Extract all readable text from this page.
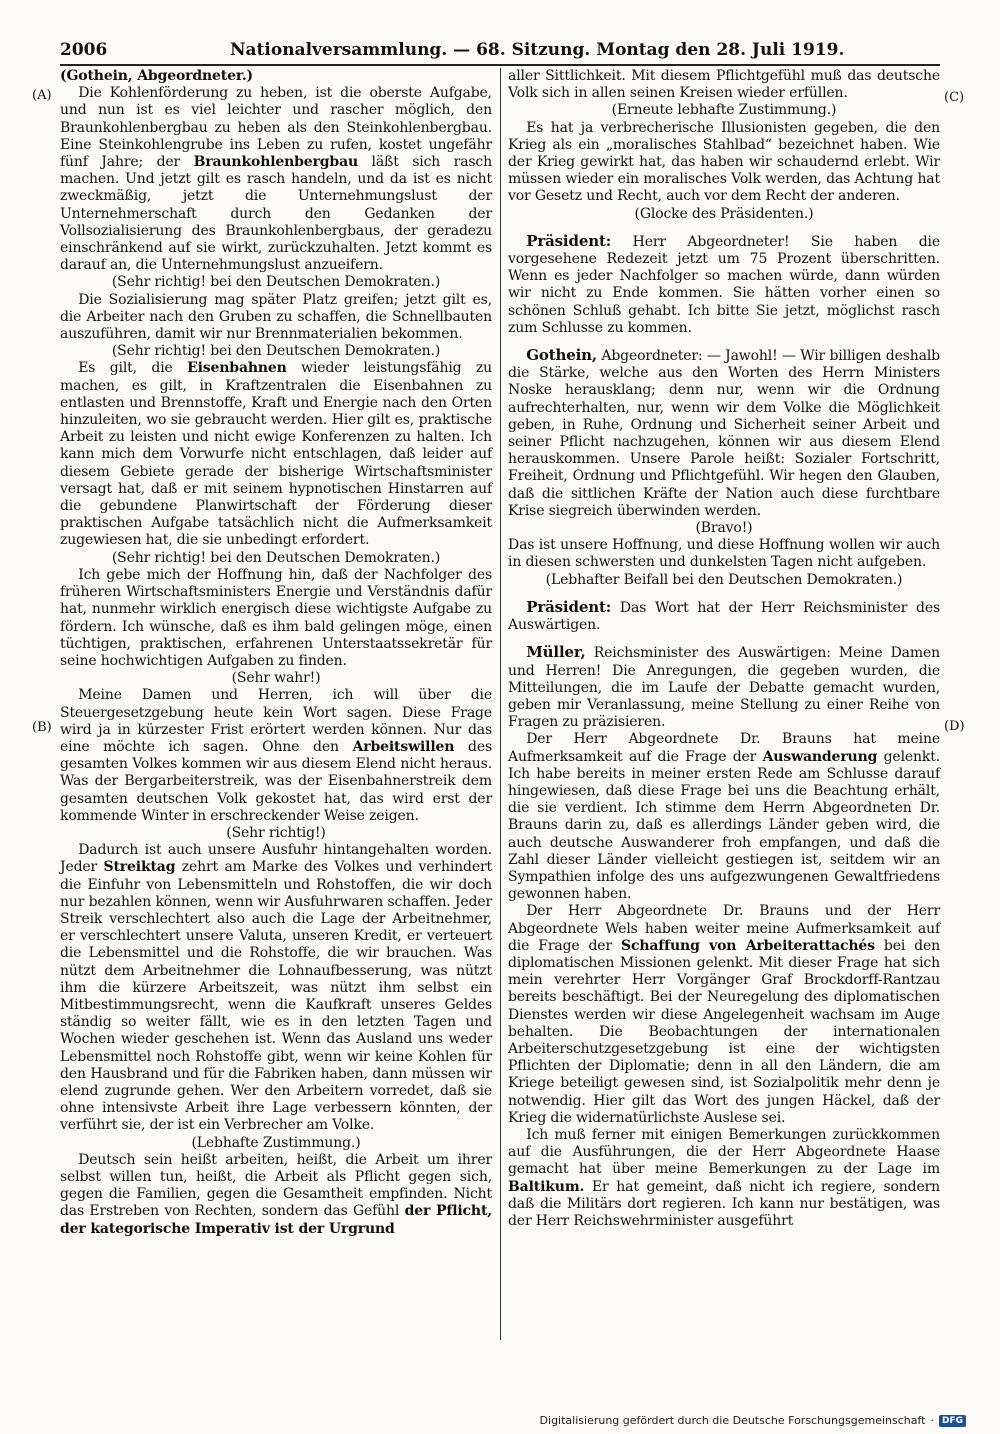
2006	Nationalversammlung. — 68. Sitzung. Montag den 28. Juli 1919.
(A)
(B)
(C)
(D)

(Gothein, Abgeordneter.)

Die Kohlenförderung zu heben, ist die oberste Aufgabe, und nun ist es viel leichter und rascher möglich, den Braunkohlenbergbau zu heben als den Steinkohlenbergbau. Eine Steinkohlengrube ins Leben zu rufen, kostet ungefähr fünf Jahre; der Braunkohlenbergbau läßt sich rasch machen. Und jetzt gilt es rasch handeln, und da ist es nicht zweckmäßig, jetzt die Unternehmungslust der Unternehmerschaft durch den Gedanken der Vollsozialisierung des Braunkohlenbergbaus, der geradezu einschränkend auf sie wirkt, zurückzuhalten. Jetzt kommt es darauf an, die Unternehmungslust anzueifern.

(Sehr richtig! bei den Deutschen Demokraten.)

Die Sozialisierung mag später Platz greifen; jetzt gilt es, die Arbeiter nach den Gruben zu schaffen, die Schnellbauten auszuführen, damit wir nur Brennmaterialien bekommen.

(Sehr richtig! bei den Deutschen Demokraten.)

Es gilt, die Eisenbahnen wieder leistungsfähig zu machen, es gilt, in Kraftzentralen die Eisenbahnen zu entlasten und Brennstoffe, Kraft und Energie nach den Orten hinzuleiten, wo sie gebraucht werden. Hier gilt es, praktische Arbeit zu leisten und nicht ewige Konferenzen zu halten. Ich kann mich dem Vorwurfe nicht entschlagen, daß leider auf diesem Gebiete gerade der bisherige Wirtschaftsminister versagt hat, daß er mit seinem hypnotischen Hinstarren auf die gebundene Planwirtschaft der Förderung dieser praktischen Aufgabe tatsächlich nicht die Aufmerksamkeit zugewiesen hat, die sie unbedingt erfordert.

(Sehr richtig! bei den Deutschen Demokraten.)

Ich gebe mich der Hoffnung hin, daß der Nachfolger des früheren Wirtschaftsministers Energie und Verständnis dafür hat, nunmehr wirklich energisch diese wichtigste Aufgabe zu fördern. Ich wünsche, daß es ihm bald gelingen möge, einen tüchtigen, praktischen, erfahrenen Unterstaatssekretär für seine hochwichtigen Aufgaben zu finden.

(Sehr wahr!)

Meine Damen und Herren, ich will über die Steuergesetzgebung heute kein Wort sagen. Diese Frage wird ja in kürzester Frist erörtert werden können. Nur das eine möchte ich sagen. Ohne den Arbeitswillen des gesamten Volkes kommen wir aus diesem Elend nicht heraus. Was der Bergarbeiterstreik, was der Eisenbahnerstreik dem gesamten deutschen Volk gekostet hat, das wird erst der kommende Winter in erschreckender Weise zeigen.

(Sehr richtig!)

Dadurch ist auch unsere Ausfuhr hintangehalten worden. Jeder Streiktag zehrt am Marke des Volkes und verhindert die Einfuhr von Lebensmitteln und Rohstoffen, die wir doch nur bezahlen können, wenn wir Ausfuhrwaren schaffen. Jeder Streik verschlechtert also auch die Lage der Arbeitnehmer, er verschlechtert unsere Valuta, unseren Kredit, er verteuert die Lebensmittel und die Rohstoffe, die wir brauchen. Was nützt dem Arbeitnehmer die Lohnaufbesserung, was nützt ihm die kürzere Arbeitszeit, was nützt ihm selbst ein Mitbestimmungsrecht, wenn die Kaufkraft unseres Geldes ständig so weiter fällt, wie es in den letzten Tagen und Wochen wieder geschehen ist. Wenn das Ausland uns weder Lebensmittel noch Rohstoffe gibt, wenn wir keine Kohlen für den Hausbrand und für die Fabriken haben, dann müssen wir elend zugrunde gehen. Wer den Arbeitern vorredet, daß sie ohne intensivste Arbeit ihre Lage verbessern könnten, der verführt sie, der ist ein Verbrecher am Volke.

(Lebhafte Zustimmung.)

Deutsch sein heißt arbeiten, heißt, die Arbeit um ihrer selbst willen tun, heißt, die Arbeit als Pflicht gegen sich, gegen die Familien, gegen die Gesamtheit empfinden. Nicht das Erstreben von Rechten, sondern das Gefühl der Pflicht, der kategorische Imperativ ist der Urgrund

aller Sittlichkeit. Mit diesem Pflichtgefühl muß das deutsche Volk sich in allen seinen Kreisen wieder erfüllen.

(Erneute lebhafte Zustimmung.)

Es hat ja verbrecherische Illusionisten gegeben, die den Krieg als ein „moralisches Stahlbad“ bezeichnet haben. Wie der Krieg gewirkt hat, das haben wir schaudernd erlebt. Wir müssen wieder ein moralisches Volk werden, das Achtung hat vor Gesetz und Recht, auch vor dem Recht der anderen.

(Glocke des Präsidenten.)

Präsident: Herr Abgeordneter! Sie haben die vorgesehene Redezeit jetzt um 75 Prozent überschritten. Wenn es jeder Nachfolger so machen würde, dann würden wir nicht zu Ende kommen. Sie hätten vorher einen so schönen Schluß gehabt. Ich bitte Sie jetzt, möglichst rasch zum Schlusse zu kommen.

Gothein, Abgeordneter: — Jawohl! — Wir billigen deshalb die Stärke, welche aus den Worten des Herrn Ministers Noske herausklang; denn nur, wenn wir die Ordnung aufrechterhalten, nur, wenn wir dem Volke die Möglichkeit geben, in Ruhe, Ordnung und Sicherheit seiner Arbeit und seiner Pflicht nachzugehen, können wir aus diesem Elend herauskommen. Unsere Parole heißt: Sozialer Fortschritt, Freiheit, Ordnung und Pflichtgefühl. Wir hegen den Glauben, daß die sittlichen Kräfte der Nation auch diese furchtbare Krise siegreich überwinden werden.

(Bravo!)

Das ist unsere Hoffnung, und diese Hoffnung wollen wir auch in diesen schwersten und dunkelsten Tagen nicht aufgeben.

(Lebhafter Beifall bei den Deutschen Demokraten.)

Präsident: Das Wort hat der Herr Reichsminister des Auswärtigen.

Müller, Reichsminister des Auswärtigen: Meine Damen und Herren! Die Anregungen, die gegeben wurden, die Mitteilungen, die im Laufe der Debatte gemacht wurden, geben mir Veranlassung, meine Stellung zu einer Reihe von Fragen zu präzisieren.

Der Herr Abgeordnete Dr. Brauns hat meine Aufmerksamkeit auf die Frage der Auswanderung gelenkt. Ich habe bereits in meiner ersten Rede am Schlusse darauf hingewiesen, daß diese Frage bei uns die Beachtung erhält, die sie verdient. Ich stimme dem Herrn Abgeordneten Dr. Brauns darin zu, daß es allerdings Länder geben wird, die auch deutsche Auswanderer froh empfangen, und daß die Zahl dieser Länder vielleicht gestiegen ist, seitdem wir an Sympathien infolge des uns aufgezwungenen Gewaltfriedens gewonnen haben.

Der Herr Abgeordnete Dr. Brauns und der Herr Abgeordnete Wels haben weiter meine Aufmerksamkeit auf die Frage der Schaffung von Arbeiterattachés bei den diplomatischen Missionen gelenkt. Mit dieser Frage hat sich mein verehrter Herr Vorgänger Graf Brockdorff-Rantzau bereits beschäftigt. Bei der Neuregelung des diplomatischen Dienstes werden wir diese Angelegenheit wachsam im Auge behalten. Die Beobachtungen der internationalen Arbeiterschutzgesetzgebung ist eine der wichtigsten Pflichten der Diplomatie; denn in all den Ländern, die am Kriege beteiligt gewesen sind, ist Sozialpolitik mehr denn je notwendig. Hier gilt das Wort des jungen Häckel, daß der Krieg die widernatürlichste Auslese sei.

Ich muß ferner mit einigen Bemerkungen zurückkommen auf die Ausführungen, die der Herr Abgeordnete Haase gemacht hat über meine Bemerkungen zu der Lage im Baltikum. Er hat gemeint, daß nicht ich regiere, sondern daß die Militärs dort regieren. Ich kann nur bestätigen, was der Herr Reichswehrminister ausgeführt

Digitalisierung gefördert durch die Deutsche Forschungsgemeinschaft · DFG
